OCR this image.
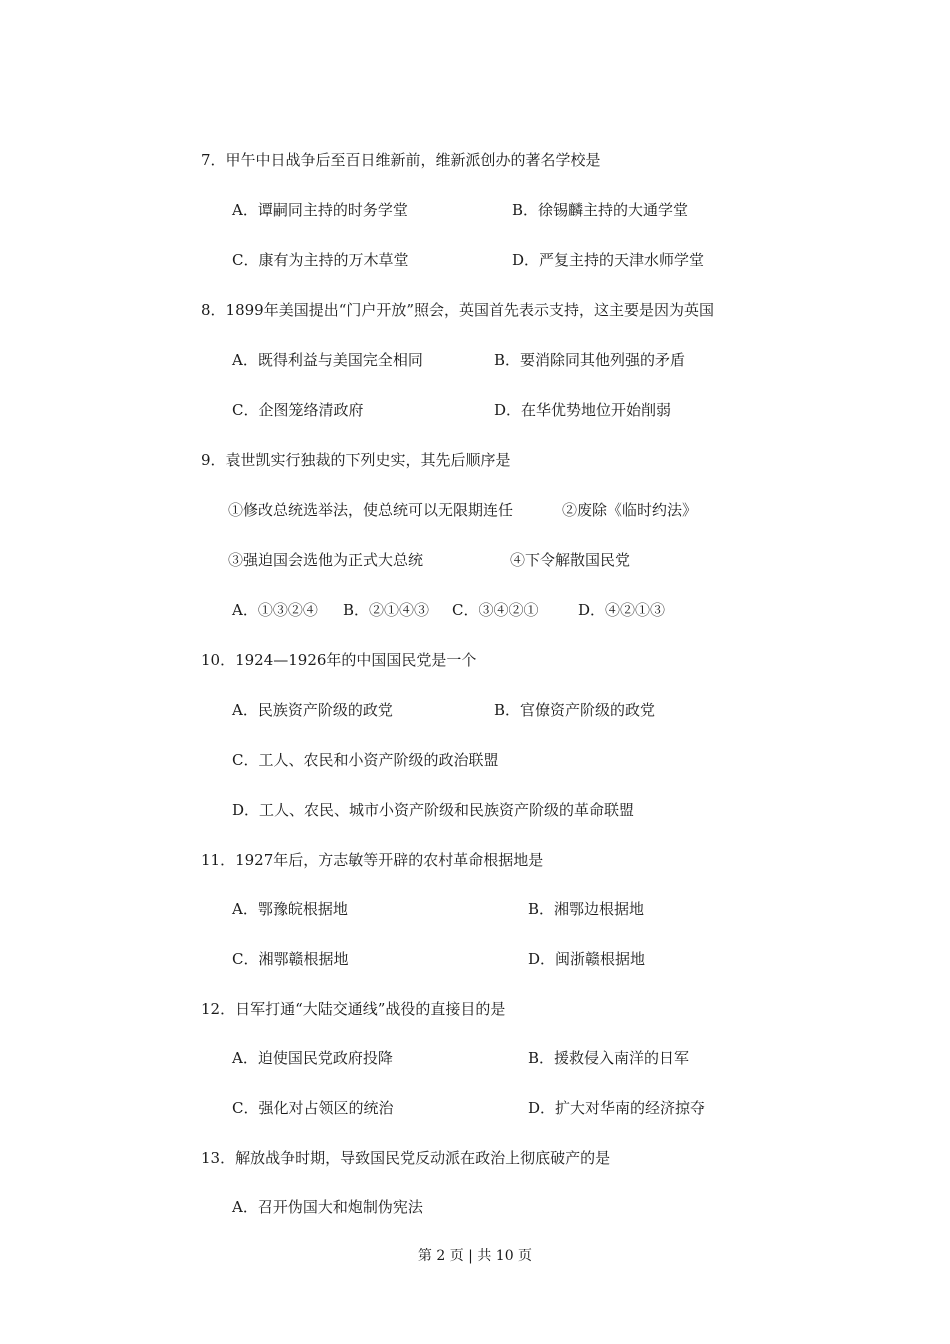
7．甲午中日战争后至百日维新前，维新派创办的著名学校是
A．谭嗣同主持的时务学堂	B．徐锡麟主持的大通学堂
C．康有为主持的万木草堂	D．严复主持的天津水师学堂
8．1899年美国提出“门户开放”照会，英国首先表示支持，这主要是因为英国
A．既得利益与美国完全相同	B．要消除同其他列强的矛盾
C．企图笼络清政府	D．在华优势地位开始削弱
9．袁世凯实行独裁的下列史实，其先后顺序是
①修改总统选举法，使总统可以无限期连任	②废除《临时约法》
③强迫国会选他为正式大总统	④下令解散国民党
A．①③②④ B．②①④③ C．③④②①	D．④②①③
10．1924—1926年的中国国民党是一个
A．民族资产阶级的政党	B．官僚资产阶级的政党
C．工人、农民和小资产阶级的政治联盟
D．工人、农民、城市小资产阶级和民族资产阶级的革命联盟
11．1927年后，方志敏等开辟的农村革命根据地是
A．鄂豫皖根据地	B．湘鄂边根据地
C．湘鄂赣根据地	D．闽浙赣根据地
12．日军打通“大陆交通线”战役的直接目的是
A．迫使国民党政府投降	B．援救侵入南洋的日军
C．强化对占领区的统治	D．扩大对华南的经济掠夺
13．解放战争时期，导致国民党反动派在政治上彻底破产的是
A．召开伪国大和炮制伪宪法
第 2 页 | 共 10 页
